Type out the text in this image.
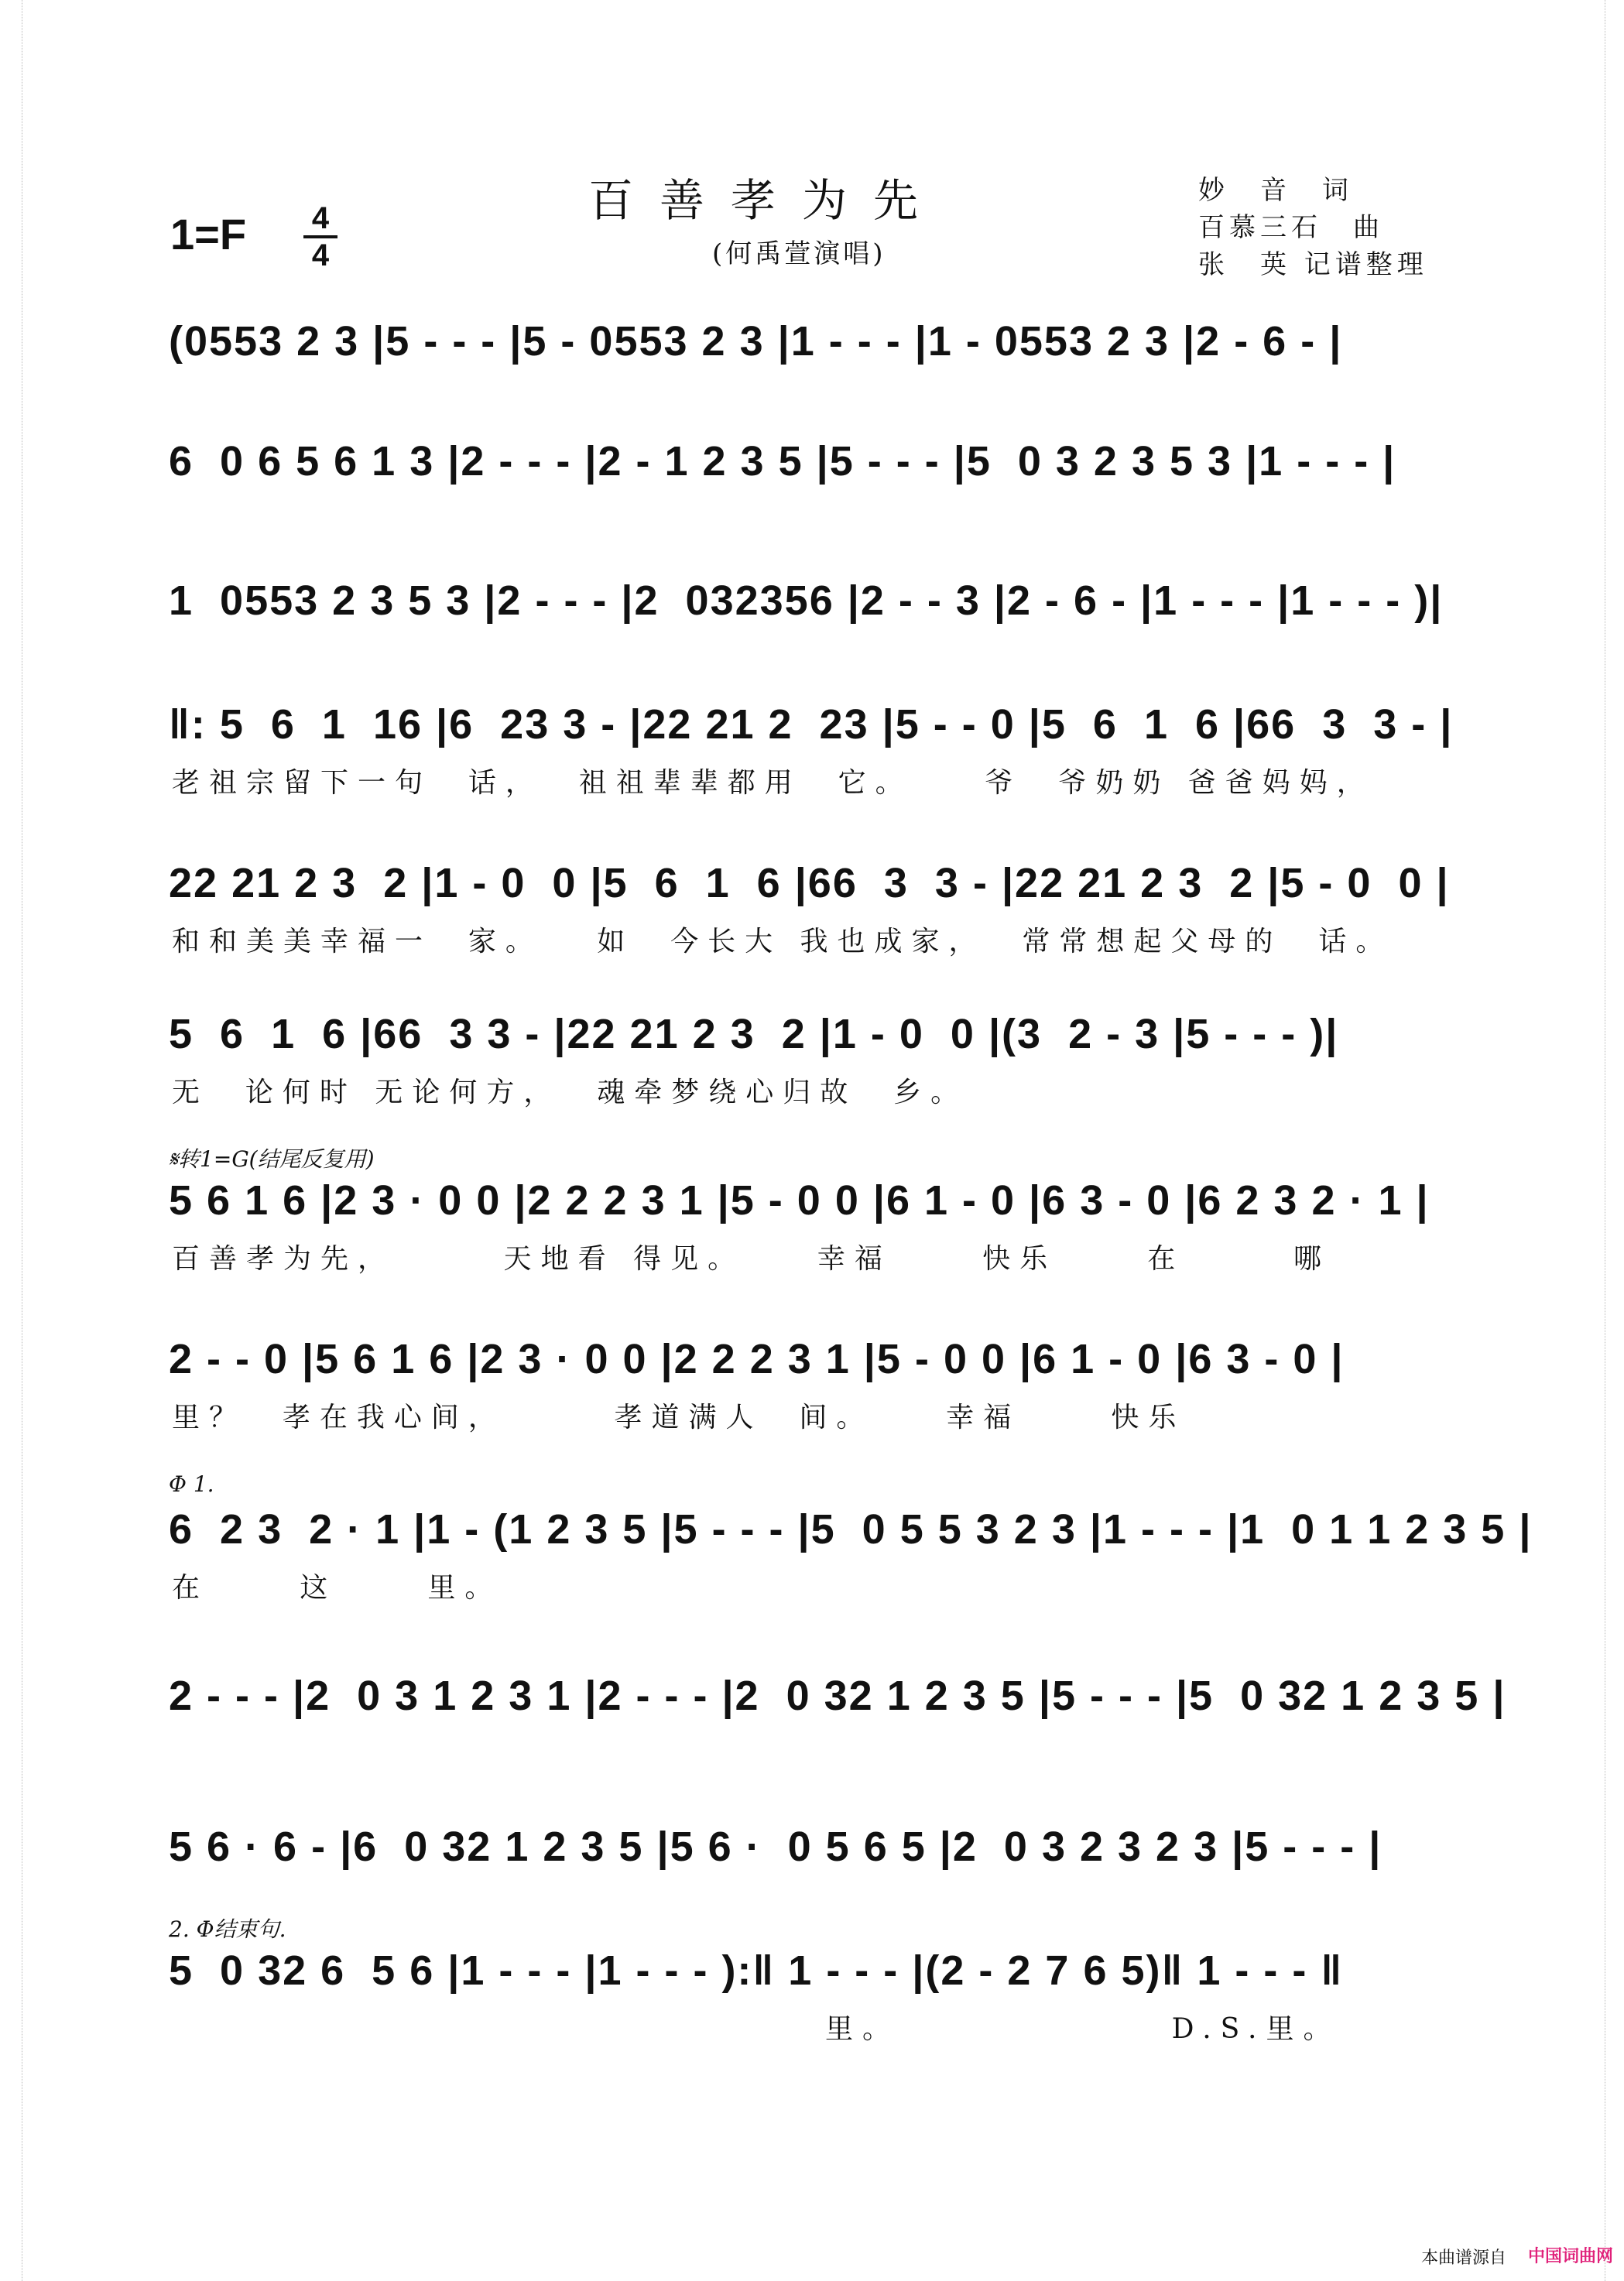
百善孝为先
(何禹萱演唱)
1=F 4
4
妙　音　词
百慕三石　曲
张　英 记谱整理
(0553 2 3 |5 - - - |5 - 0553 2 3 |1 - - - |1 - 0553 2 3 |2 - 6 - |
6  0 6 5 6 1 3 |2 - - - |2 - 1 2 3 5 |5 - - - |5  0 3 2 3 5 3 |1 - - - |
1  0553 2 3 5 3 |2 - - - |2  032356 |2 - - 3 |2 - 6 - |1 - - - |1 - - - )|
‖: 5  6  1  16 |6  23 3 - |22 21 2  23 |5 - - 0 |5  6  1  6 |66  3  3 - |
老祖宗留下一句  话，  祖祖辈辈都用  它。    爷  爷奶奶 爸爸妈妈，
22 21 2 3  2 |1 - 0  0 |5  6  1  6 |66  3  3 - |22 21 2 3  2 |5 - 0  0 |
和和美美幸福一  家。   如  今长大 我也成家，  常常想起父母的  话。
5  6  1  6 |66  3 3 - |22 21 2 3  2 |1 - 0  0 |(3  2 - 3 |5 - - - )|
无  论何时 无论何方，  魂牵梦绕心归故  乡。
𝄋转1=G(结尾反复用)
5 6 1 6 |2 3 · 0 0 |2 2 2 3 1 |5 - 0 0 |6 1 - 0 |6 3 - 0 |6 2 3 2 · 1 |
百善孝为先，      天地看 得见。    幸福     快乐     在      哪
2 - - 0 |5 6 1 6 |2 3 · 0 0 |2 2 2 3 1 |5 - 0 0 |6 1 - 0 |6 3 - 0 |
里？  孝在我心间，      孝道满人  间。    幸福     快乐
Φ 1.
6  2 3  2 · 1 |1 - (1 2 3 5 |5 - - - |5  0 5 5 3 2 3 |1 - - - |1  0 1 1 2 3 5 |
在     这     里。
2 - - - |2  0 3 1 2 3 1 |2 - - - |2  0 32 1 2 3 5 |5 - - - |5  0 32 1 2 3 5 |
5 6 · 6 - |6  0 32 1 2 3 5 |5 6 ·  0 5 6 5 |2  0 3 2 3 2 3 |5 - - - |
2. Φ结束句.
5  0 32 6  5 6 |1 - - - |1 - - - ):‖ 1 - - - |(2 - 2 7 6 5)‖ 1 - - - ‖
里。               D.S.里。
本曲谱源自 中国词曲网
